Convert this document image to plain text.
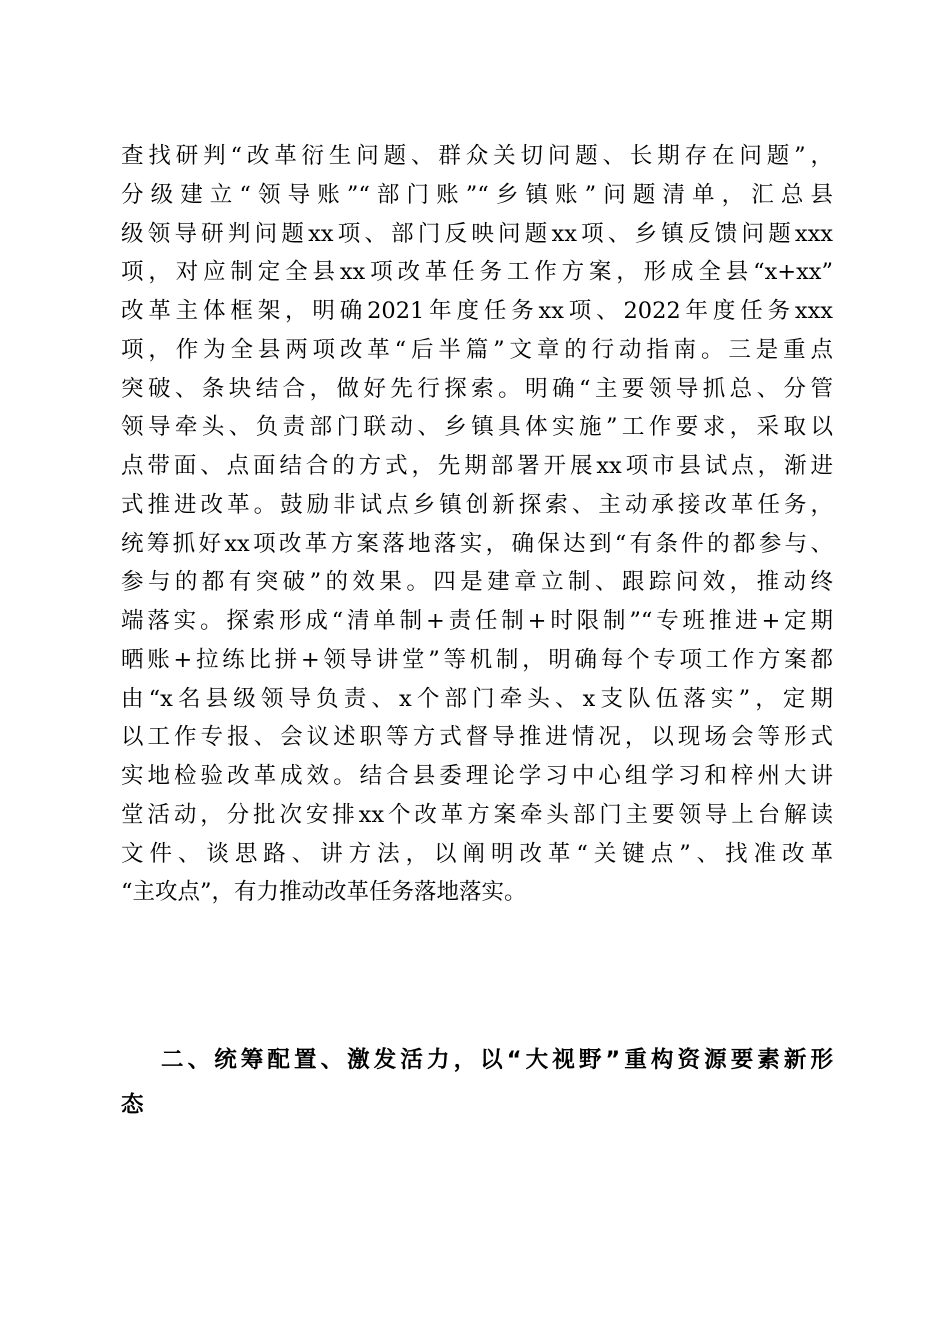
查找研判“改革衍生问题、群众关切问题、长期存在问题”，
分级建立“领导账”“部门账”“乡镇账”问题清单，汇总县
级领导研判问题xx项、部门反映问题xx项、乡镇反馈问题xxx
项，对应制定全县xx项改革任务工作方案，形成全县“x+xx”
改革主体框架，明确2021年度任务xx项、2022年度任务xxx
项，作为全县两项改革“后半篇”文章的行动指南。三是重点
突破、条块结合，做好先行探索。明确“主要领导抓总、分管
领导牵头、负责部门联动、乡镇具体实施”工作要求，采取以
点带面、点面结合的方式，先期部署开展xx项市县试点，渐进
式推进改革。鼓励非试点乡镇创新探索、主动承接改革任务，
统筹抓好xx项改革方案落地落实，确保达到“有条件的都参与、
参与的都有突破”的效果。四是建章立制、跟踪问效，推动终
端落实。探索形成“清单制+责任制+时限制”“专班推进+定期
晒账+拉练比拼+领导讲堂”等机制，明确每个专项工作方案都
由“x名县级领导负责、x个部门牵头、x支队伍落实”，定期
以工作专报、会议述职等方式督导推进情况，以现场会等形式
实地检验改革成效。结合县委理论学习中心组学习和梓州大讲
堂活动，分批次安排xx个改革方案牵头部门主要领导上台解读
文件、谈思路、讲方法，以阐明改革“关键点”、找准改革
“主攻点”，有力推动改革任务落地落实。
二、统筹配置、激发活力，以“大视野”重构资源要素新形
态
